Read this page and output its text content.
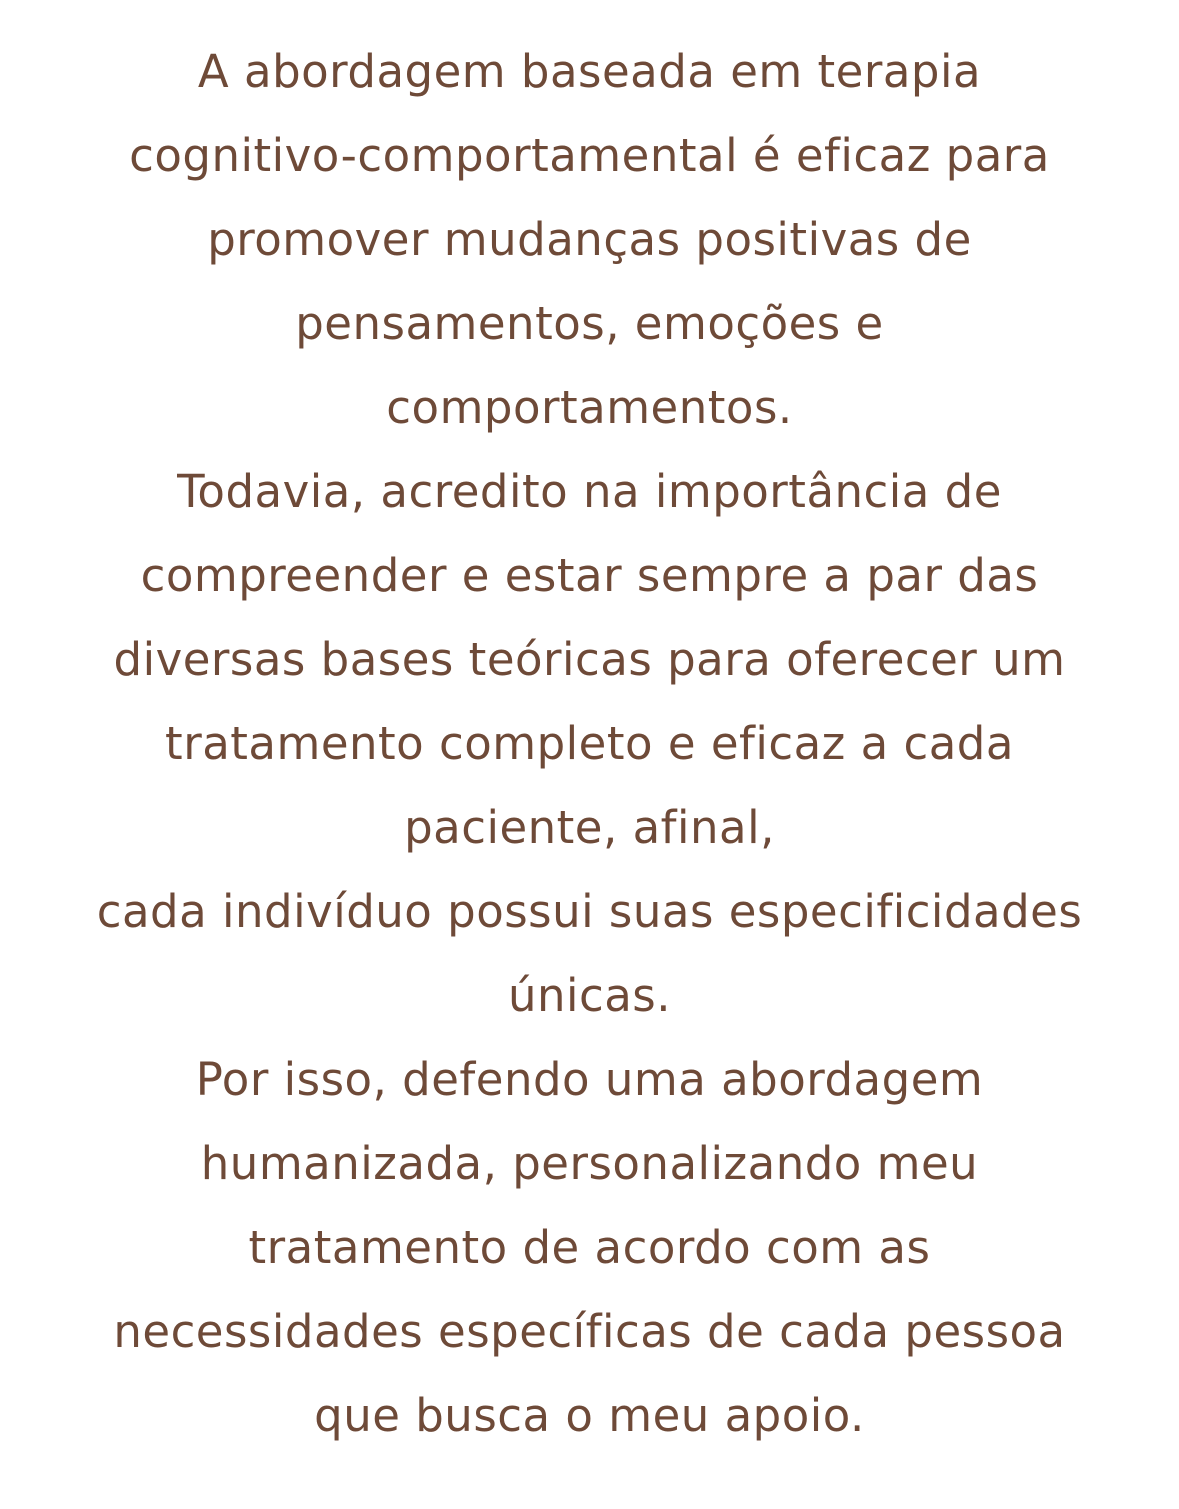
A abordagem baseada em terapia
cognitivo-comportamental é eficaz para
promover mudanças positivas de
pensamentos, emoções e
comportamentos.
Todavia, acredito na importância de
compreender e estar sempre a par das
diversas bases teóricas para oferecer um
tratamento completo e eficaz a cada
paciente, afinal,
cada indivíduo possui suas especificidades
únicas.
Por isso, defendo uma abordagem
humanizada, personalizando meu
tratamento de acordo com as
necessidades específicas de cada pessoa
que busca o meu apoio.
